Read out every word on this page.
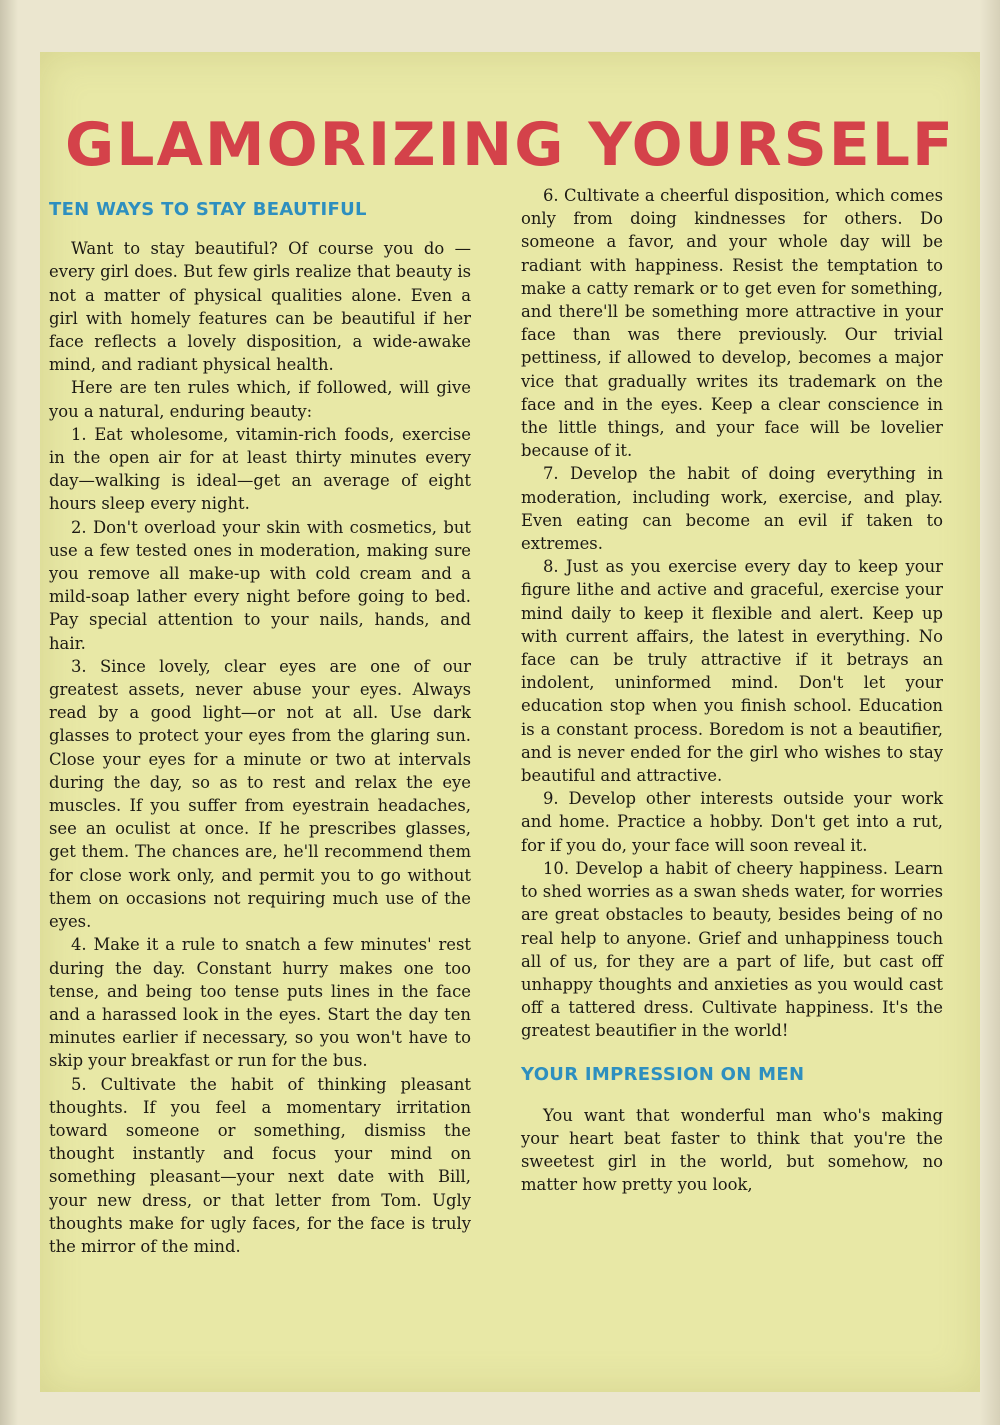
GLAMORIZING YOURSELF
TEN WAYS TO STAY BEAUTIFUL

Want to stay beautiful? Of course you do —every girl does. But few girls realize that beauty is not a matter of physical qualities alone. Even a girl with homely features can be beautiful if her face reflects a lovely disposition, a wide-awake mind, and radiant physical health.

Here are ten rules which, if followed, will give you a natural, enduring beauty:

1. Eat wholesome, vitamin-rich foods, exercise in the open air for at least thirty minutes every day—walking is ideal—get an average of eight hours sleep every night.

2. Don't overload your skin with cosmetics, but use a few tested ones in moderation, making sure you remove all make-up with cold cream and a mild-soap lather every night before going to bed. Pay special attention to your nails, hands, and hair.

3. Since lovely, clear eyes are one of our greatest assets, never abuse your eyes. Always read by a good light—or not at all. Use dark glasses to protect your eyes from the glaring sun. Close your eyes for a minute or two at intervals during the day, so as to rest and relax the eye muscles. If you suffer from eyestrain headaches, see an oculist at once. If he prescribes glasses, get them. The chances are, he'll recommend them for close work only, and permit you to go without them on occasions not requiring much use of the eyes.

4. Make it a rule to snatch a few minutes' rest during the day. Constant hurry makes one too tense, and being too tense puts lines in the face and a harassed look in the eyes. Start the day ten minutes earlier if necessary, so you won't have to skip your breakfast or run for the bus.

5. Cultivate the habit of thinking pleasant thoughts. If you feel a momentary irritation toward someone or something, dismiss the thought instantly and focus your mind on something pleasant—your next date with Bill, your new dress, or that letter from Tom. Ugly thoughts make for ugly faces, for the face is truly the mirror of the mind.

6. Cultivate a cheerful disposition, which comes only from doing kindnesses for others. Do someone a favor, and your whole day will be radiant with happiness. Resist the temptation to make a catty remark or to get even for something, and there'll be something more attractive in your face than was there previously. Our trivial pettiness, if allowed to develop, becomes a major vice that gradually writes its trademark on the face and in the eyes. Keep a clear conscience in the little things, and your face will be lovelier because of it.

7. Develop the habit of doing everything in moderation, including work, exercise, and play. Even eating can become an evil if taken to extremes.

8. Just as you exercise every day to keep your figure lithe and active and graceful, exercise your mind daily to keep it flexible and alert. Keep up with current affairs, the latest in everything. No face can be truly attractive if it betrays an indolent, uninformed mind. Don't let your education stop when you finish school. Education is a constant process. Boredom is not a beautifier, and is never ended for the girl who wishes to stay beautiful and attractive.

9. Develop other interests outside your work and home. Practice a hobby. Don't get into a rut, for if you do, your face will soon reveal it.

10. Develop a habit of cheery happiness. Learn to shed worries as a swan sheds water, for worries are great obstacles to beauty, besides being of no real help to anyone. Grief and unhappiness touch all of us, for they are a part of life, but cast off unhappy thoughts and anxieties as you would cast off a tattered dress. Cultivate happiness. It's the greatest beautifier in the world!

YOUR IMPRESSION ON MEN

You want that wonderful man who's making your heart beat faster to think that you're the sweetest girl in the world, but somehow, no matter how pretty you look,
